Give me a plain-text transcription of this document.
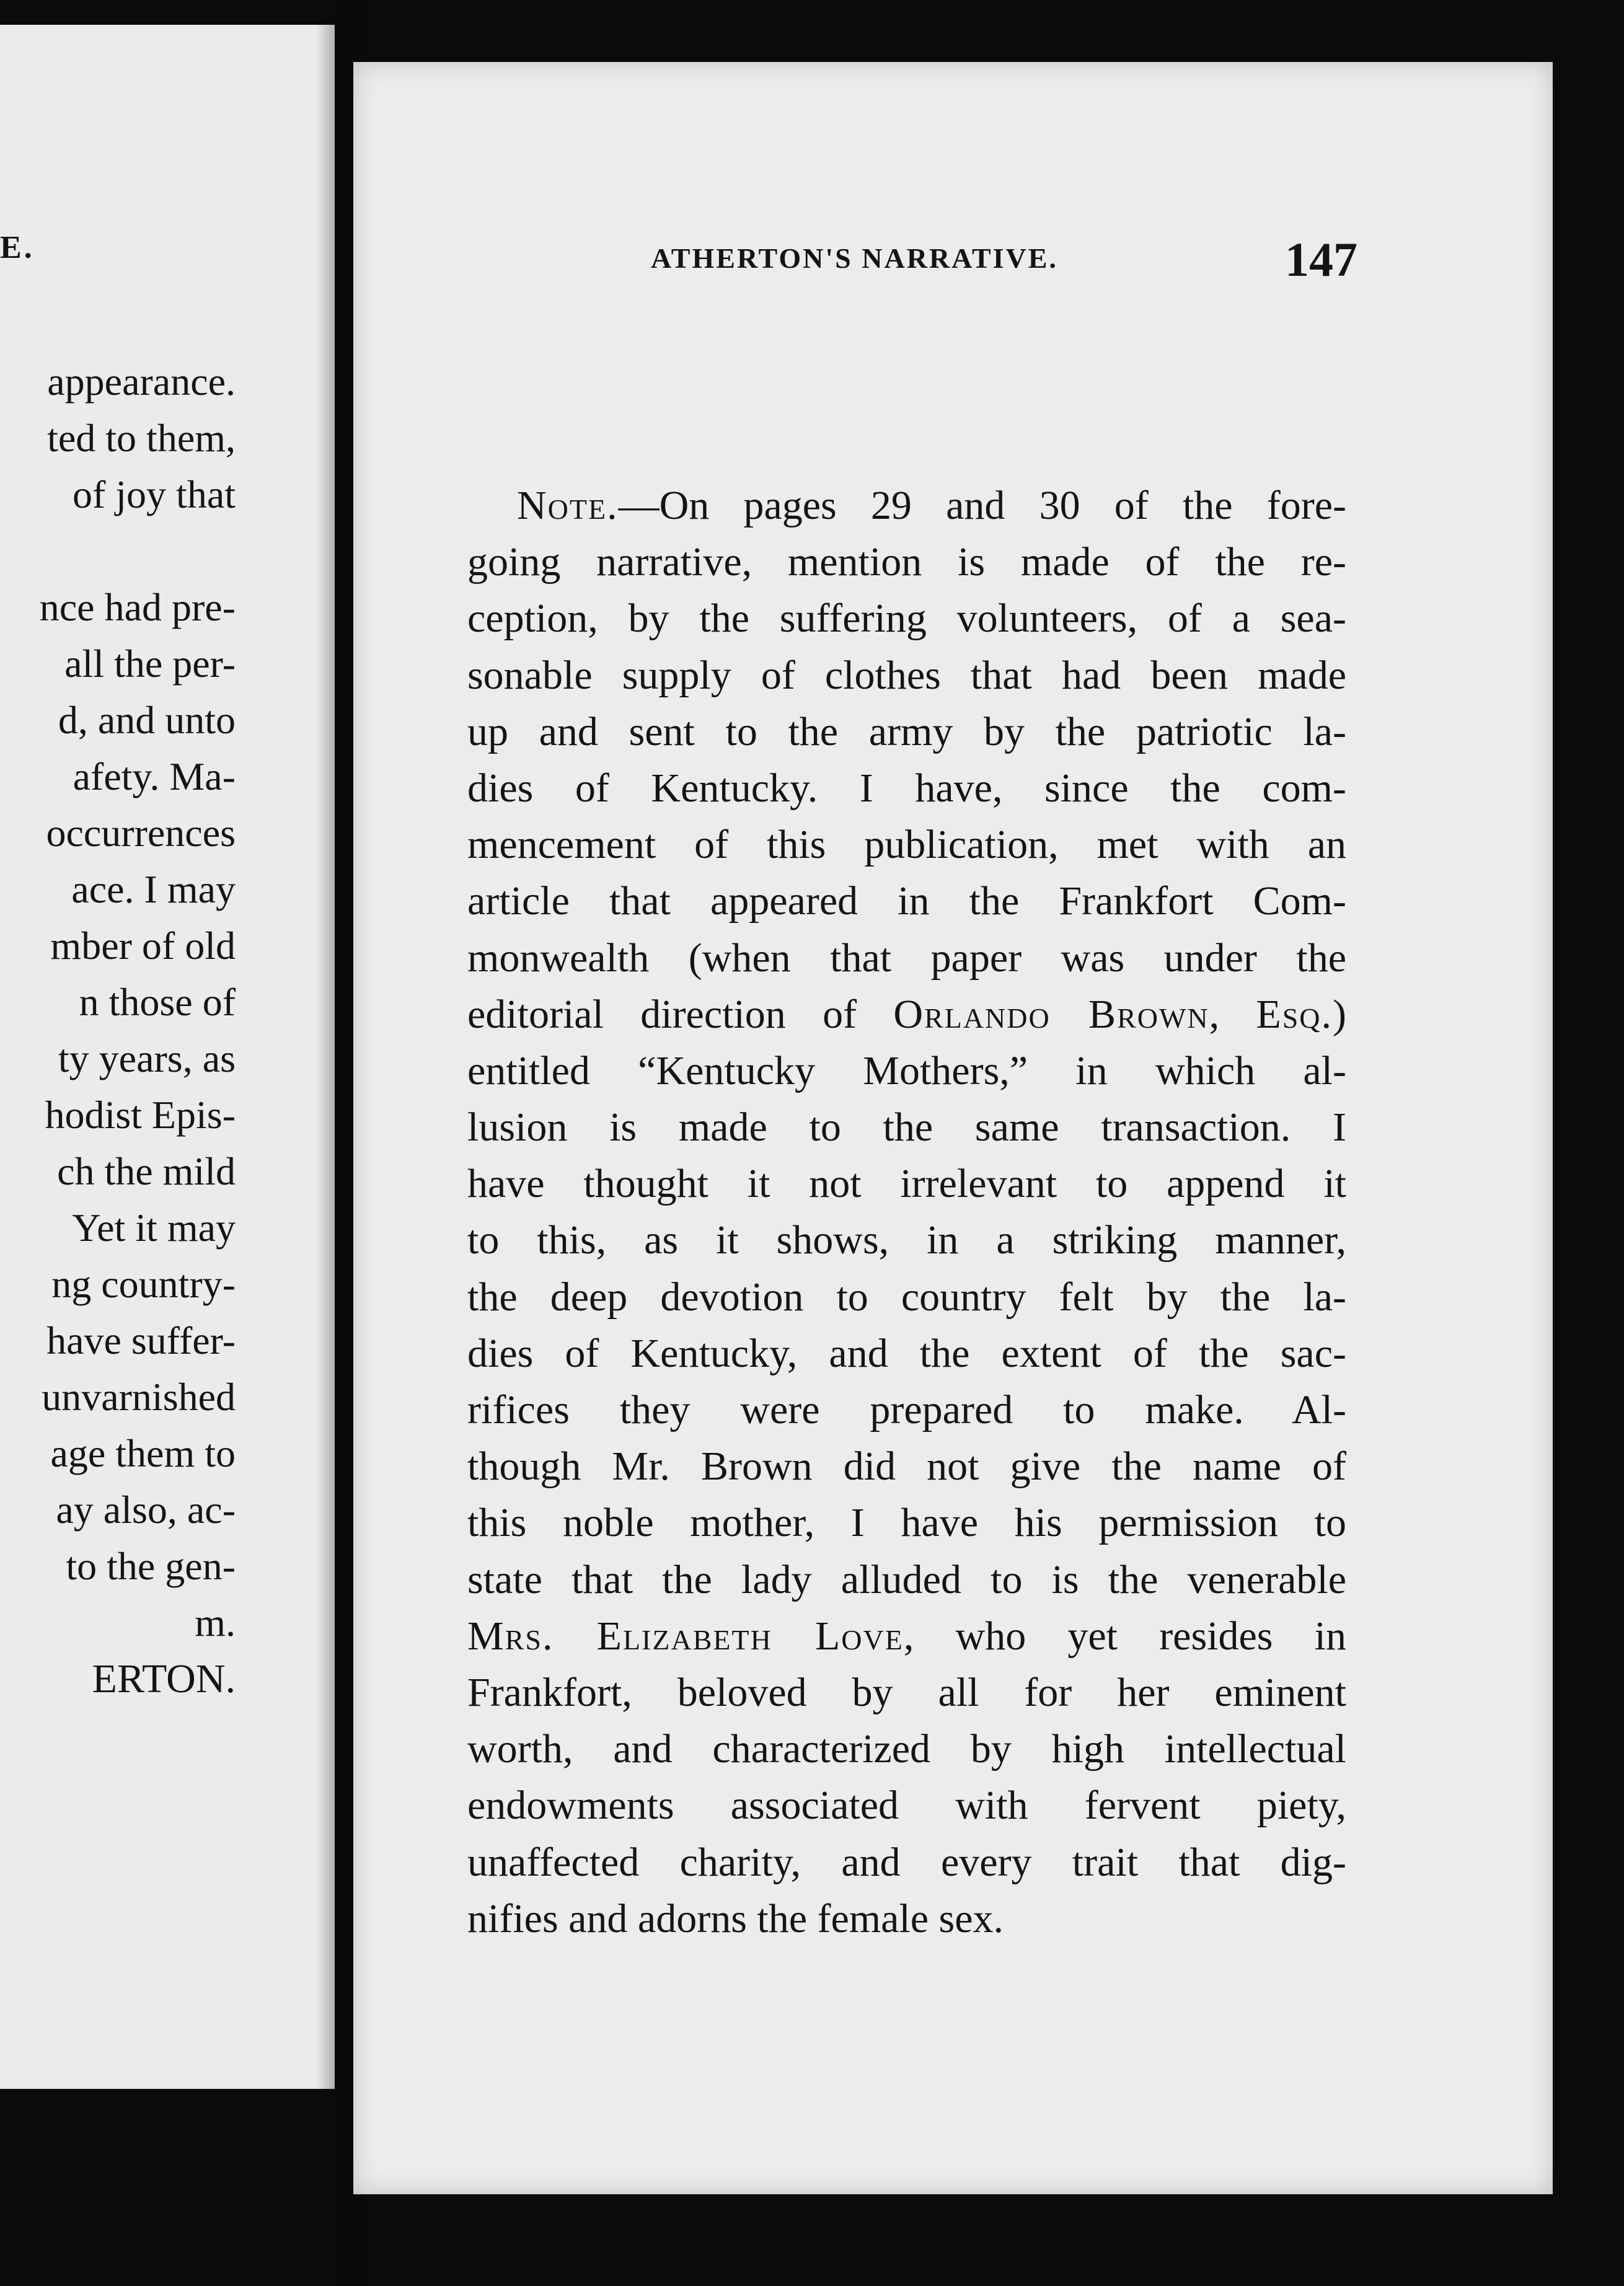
E.
appearance.
ted to them,
of joy that
nce had pre-
all the per-
d, and unto
afety. Ma-
occurrences
ace. I may
mber of old
n those of
ty years, as
hodist Epis-
ch the mild
Yet it may
ng country-
have suffer-
unvarnished
age them to
ay also, ac-
to the gen-
m.
ERTON.
ATHERTON'S NARRATIVE.	147
Note.—On pages 29 and 30 of the fore-
going narrative, mention is made of the re-
ception, by the suffering volunteers, of a sea-
sonable supply of clothes that had been made
up and sent to the army by the patriotic la-
dies of Kentucky. I have, since the com-
mencement of this publication, met with an
article that appeared in the Frankfort Com-
monwealth (when that paper was under the
editorial direction of Orlando Brown, Esq.)
entitled “Kentucky Mothers,” in which al-
lusion is made to the same transaction. I
have thought it not irrelevant to append it
to this, as it shows, in a striking manner,
the deep devotion to country felt by the la-
dies of Kentucky, and the extent of the sac-
rifices they were prepared to make. Al-
though Mr. Brown did not give the name of
this noble mother, I have his permission to
state that the lady alluded to is the venerable
Mrs. Elizabeth Love, who yet resides in
Frankfort, beloved by all for her eminent
worth, and characterized by high intellectual
endowments associated with fervent piety,
unaffected charity, and every trait that dig-
nifies and adorns the female sex.
